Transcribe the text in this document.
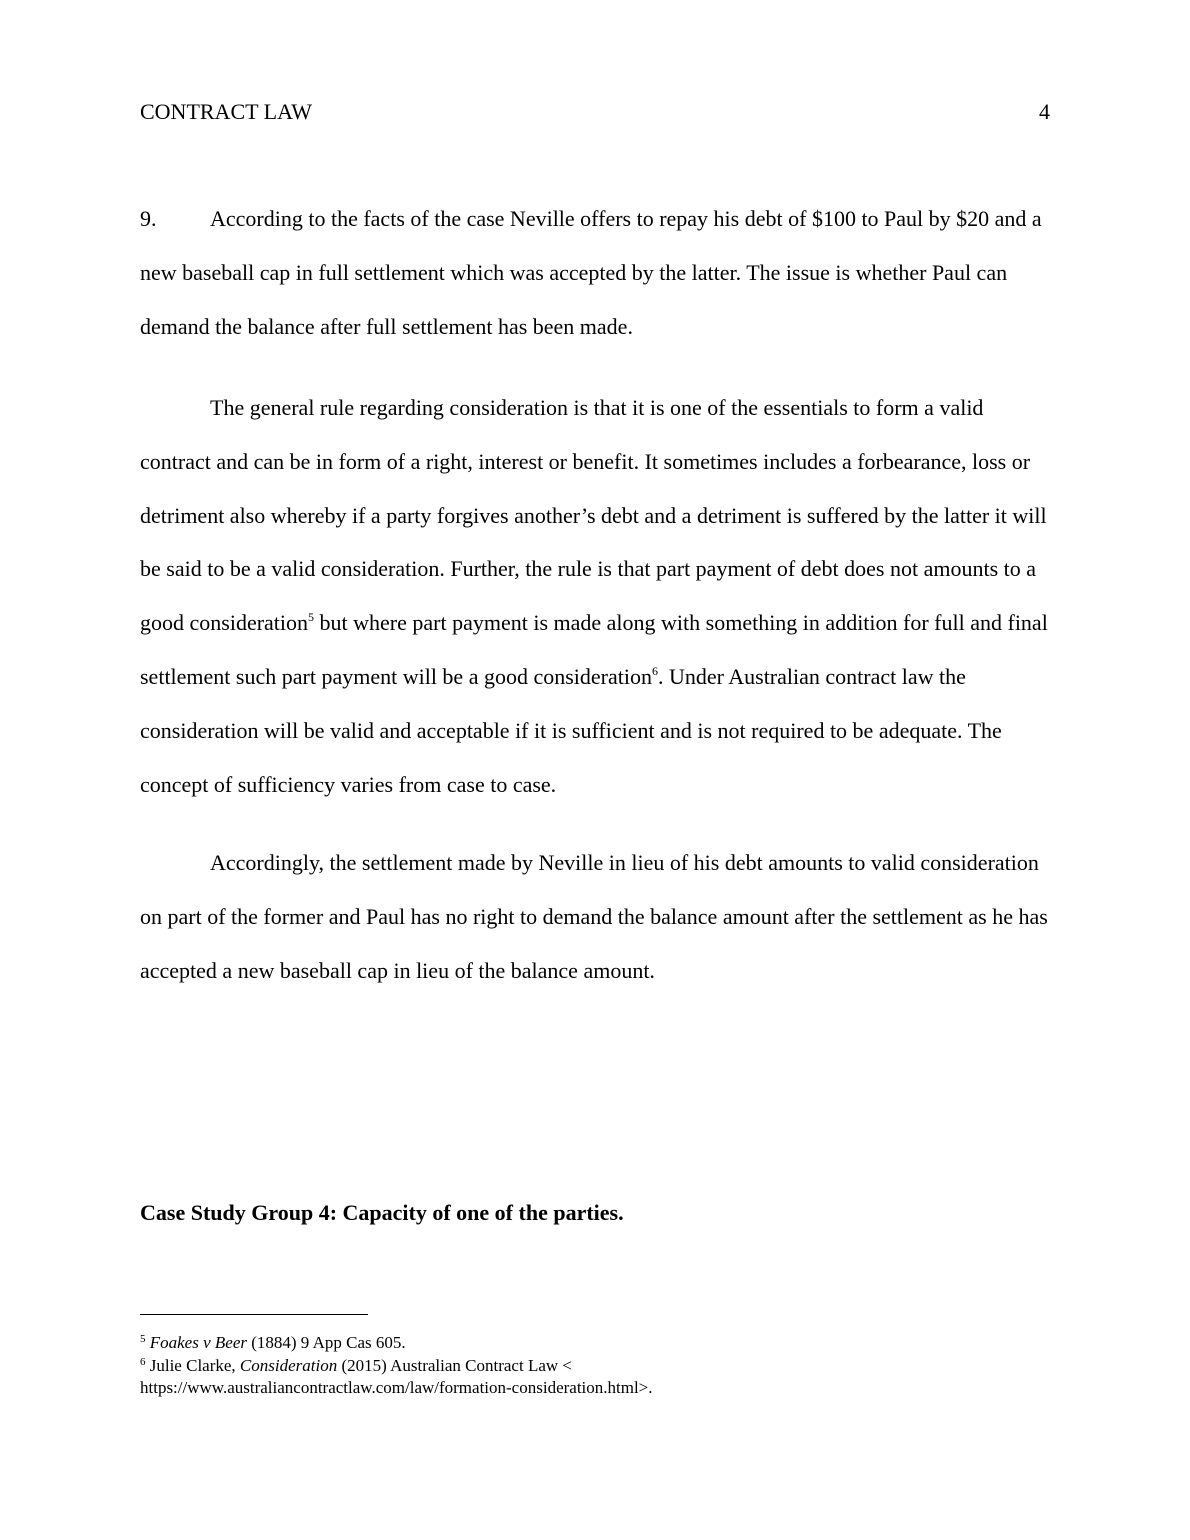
CONTRACT LAW	4

9. According to the facts of the case Neville offers to repay his debt of $100 to Paul by $20 and a new baseball cap in full settlement which was accepted by the latter. The issue is whether Paul can demand the balance after full settlement has been made.

The general rule regarding consideration is that it is one of the essentials to form a valid contract and can be in form of a right, interest or benefit. It sometimes includes a forbearance, loss or detriment also whereby if a party forgives another’s debt and a detriment is suffered by the latter it will be said to be a valid consideration. Further, the rule is that part payment of debt does not amounts to a good consideration$^5$ but where part payment is made along with something in addition for full and final settlement such part payment will be a good consideration$^6$. Under Australian contract law the consideration will be valid and acceptable if it is sufficient and is not required to be adequate. The concept of sufficiency varies from case to case.

Accordingly, the settlement made by Neville in lieu of his debt amounts to valid consideration on part of the former and Paul has no right to demand the balance amount after the settlement as he has accepted a new baseball cap in lieu of the balance amount.

Case Study Group 4: Capacity of one of the parties.

$^5$ Foakes v Beer (1884) 9 App Cas 605.

$^6$ Julie Clarke, Consideration (2015) Australian Contract Law <

https://www.australiancontractlaw.com/law/formation-consideration.html>.
